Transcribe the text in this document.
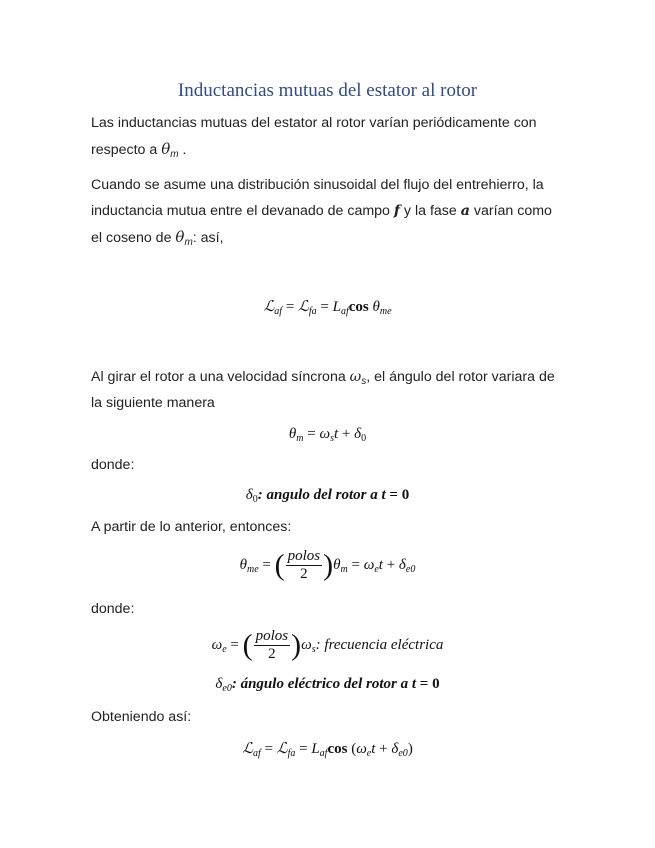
Inductancias mutuas del estator al rotor

Las inductancias mutuas del estator al rotor varían periódicamente con respecto a $\theta_m$ .

Cuando se asume una distribución sinusoidal del flujo del entrehierro, la inductancia mutua entre el devanado de campo f y la fase a varían como el coseno de $\theta_m$: así,

ℒ$_{af}$ = ℒ$_{fa}$ = $L_{af}\cos$ $\theta_{me}$

Al girar el rotor a una velocidad síncrona $\omega_s$, el ángulo del rotor variara de la siguiente manera

$\theta_m = \omega_st + \delta_0$

donde:

$\delta_0$: angulo del rotor a t = 0

A partir de lo anterior, entonces:

$\theta_{me}$ = ( $\frac{\text{polos}}{2} )\theta_m = \omega_et + \delta_{e0}$

donde:

$\omega_e$ = ( $\frac{\text{polos}}{2} )\omega_s$: frecuencia eléctrica
$\delta_{e0}$: ángulo eléctrico del rotor a t = 0

Obteniendo así:

ℒ$_{af}$ = ℒ$_{fa}$ = $L_{af}\cos$ $(\omega_et + \delta_{e0})$
